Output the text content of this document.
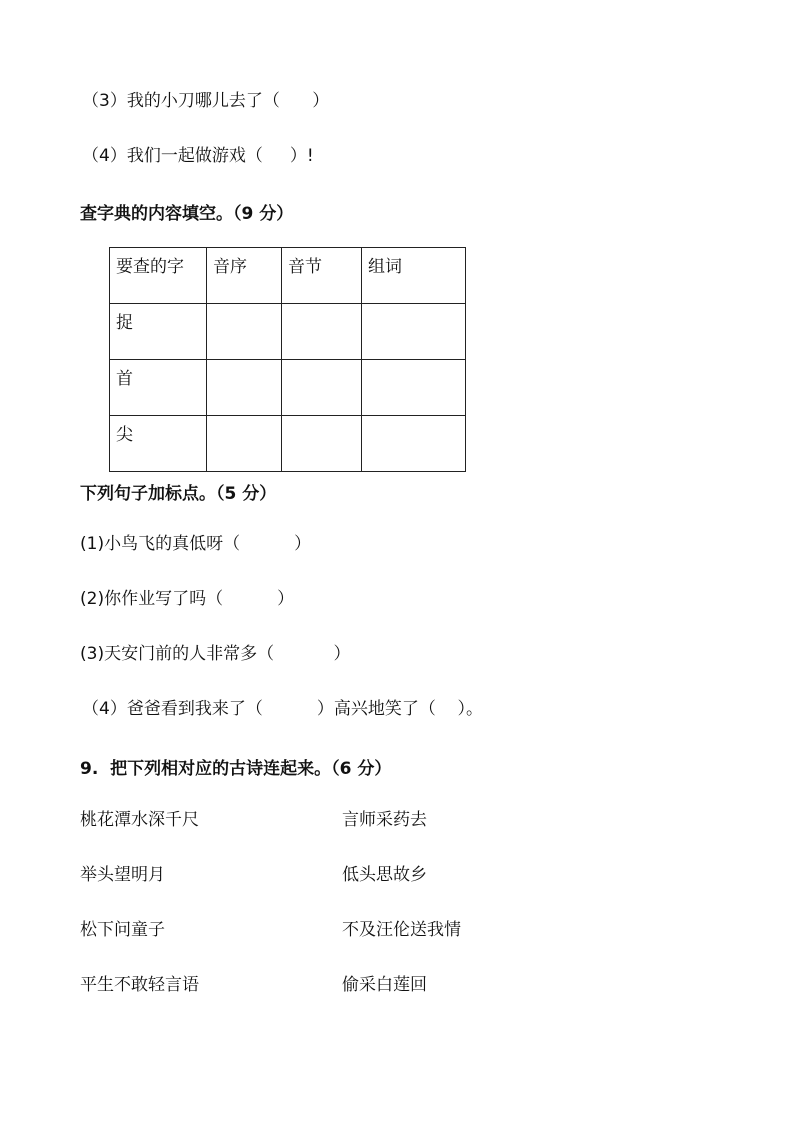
（3）我的小刀哪儿去了（      ）
（4）我们一起做游戏（     ）!
查字典的内容填空。（9 分）
要查的字	音序	音节	组词
捉			
首			
尖			
下列句子加标点。（5 分）
(1)小鸟飞的真低呀（          ）
(2)你作业写了吗（          ）
(3)天安门前的人非常多（           ）
（4）爸爸看到我来了（          ）高兴地笑了（    ）。
9.  把下列相对应的古诗连起来。（6 分）
桃花潭水深千尺	言师采药去
举头望明月	低头思故乡
松下问童子	不及汪伦送我情
平生不敢轻言语	偷采白莲回
